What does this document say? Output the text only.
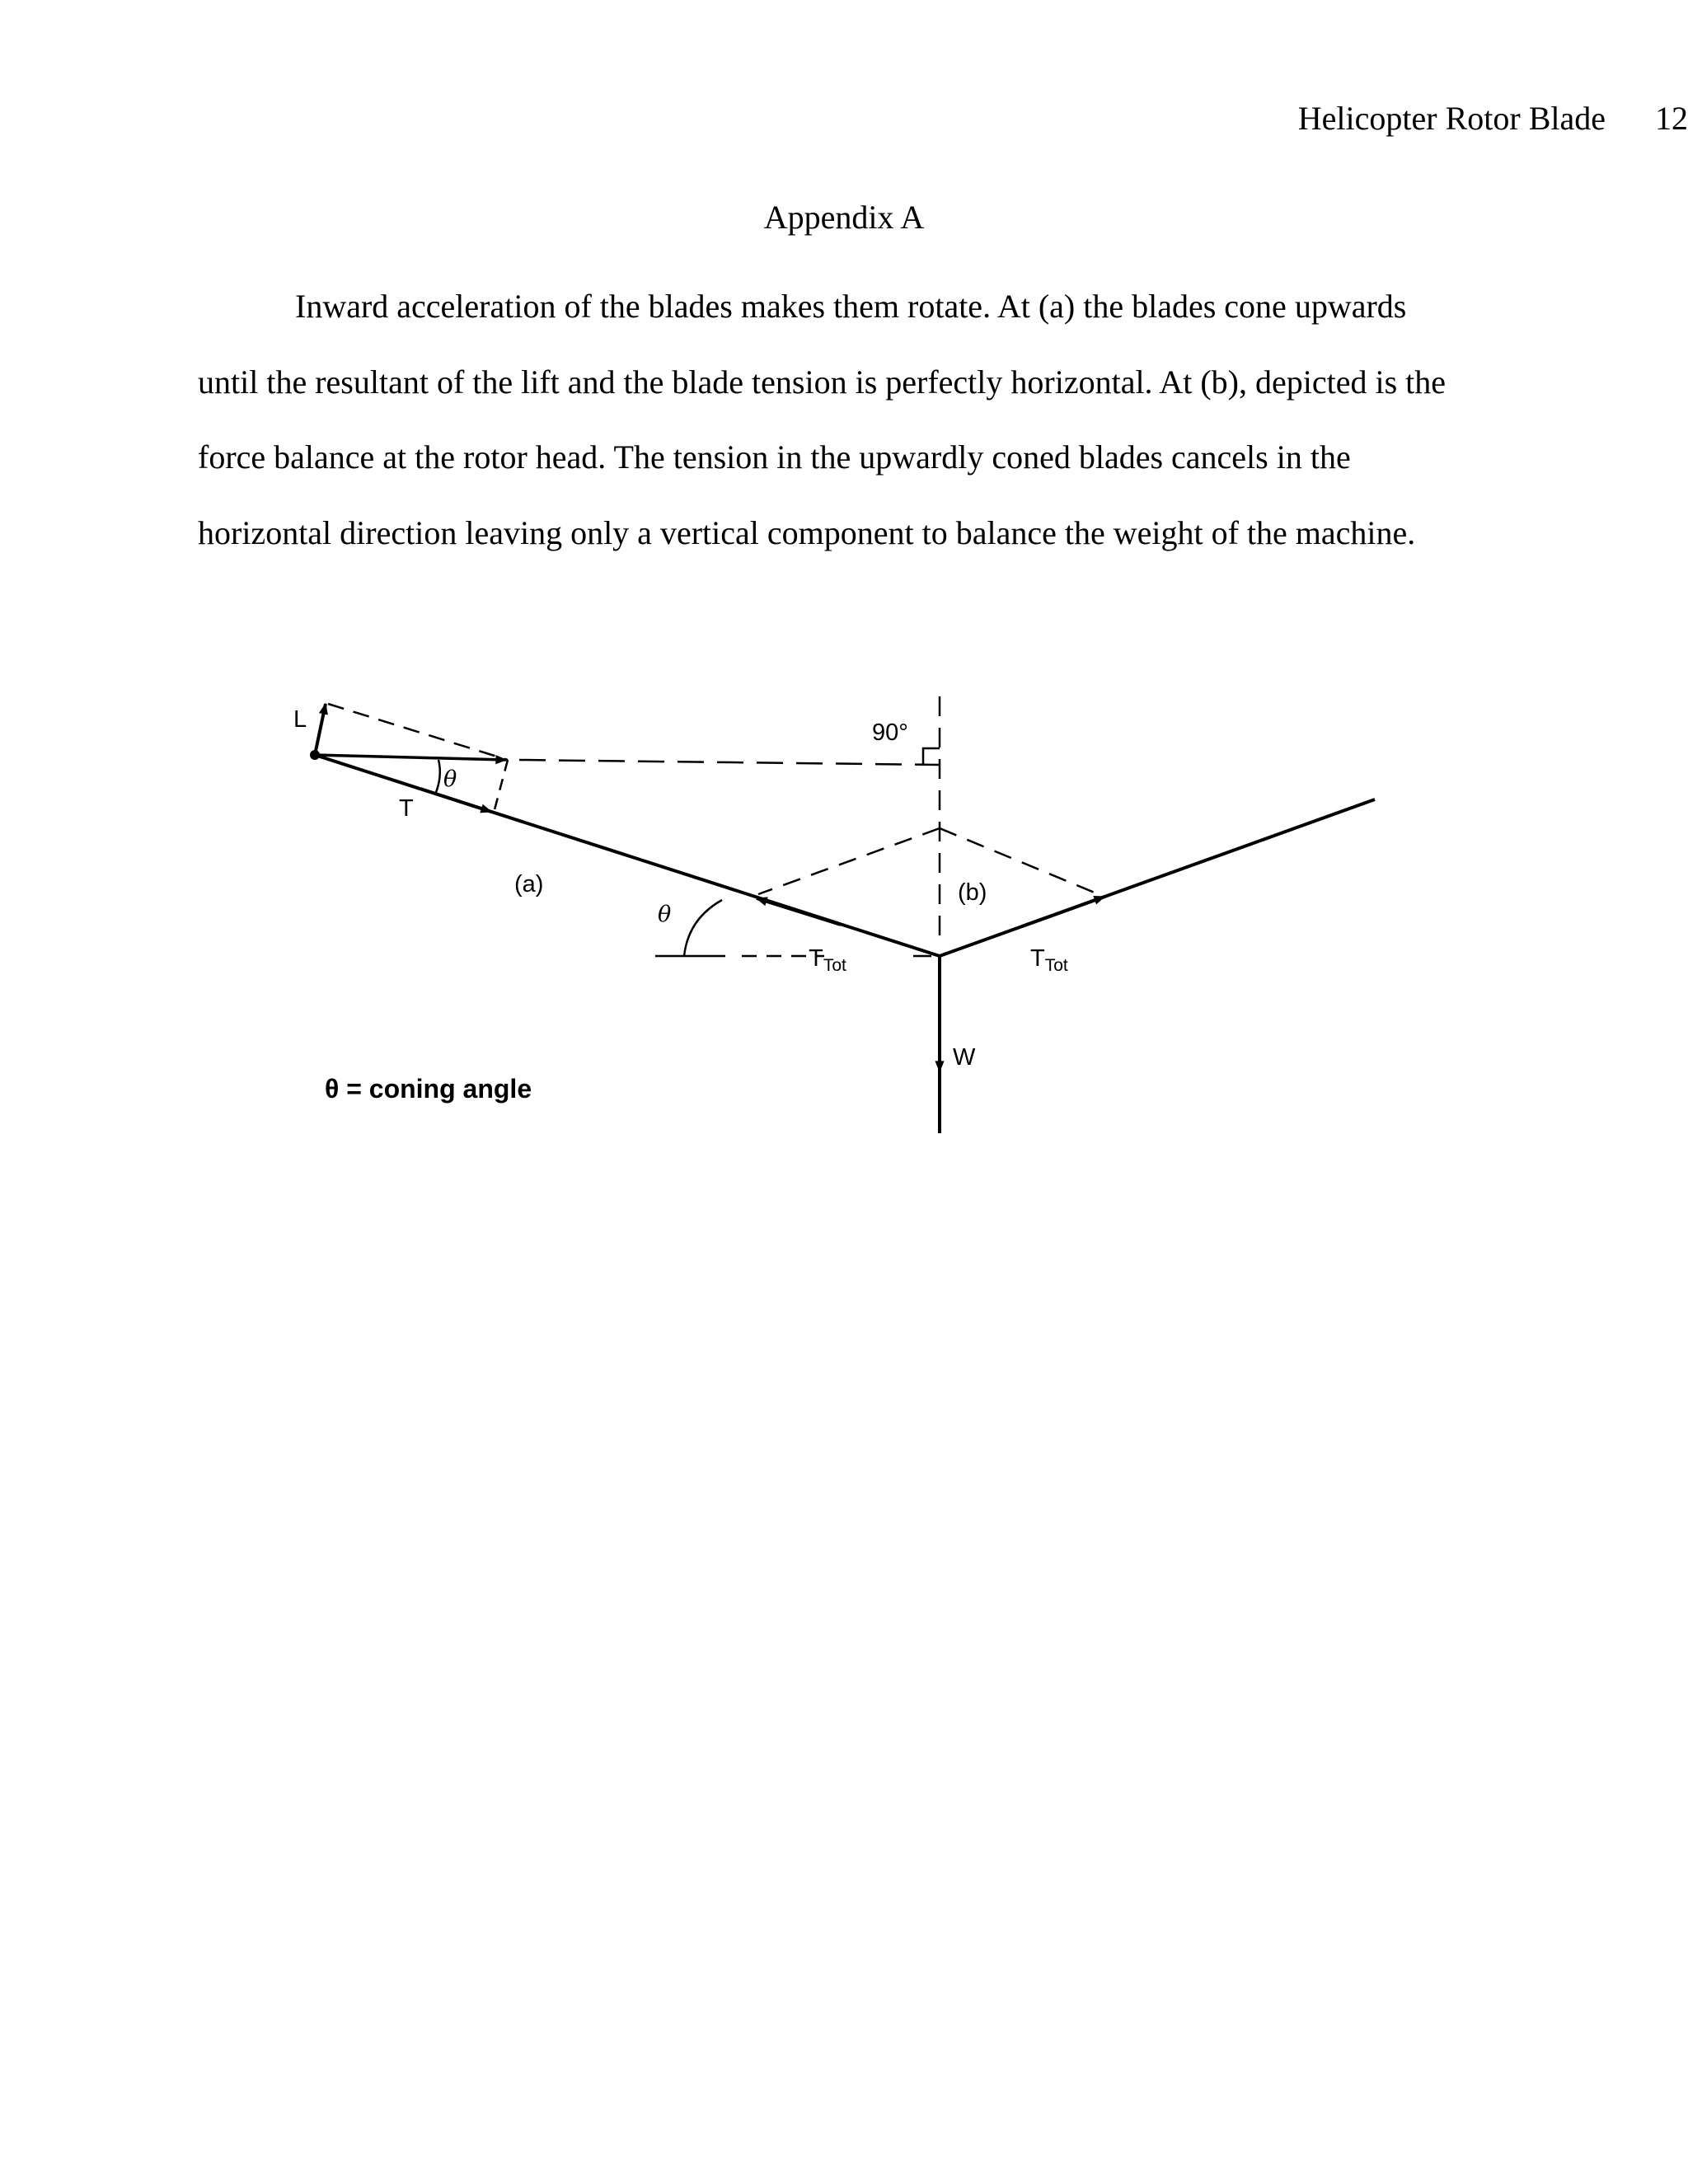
Helicopter Rotor Blade 12
Appendix A

Inward acceleration of the blades makes them rotate. At (a) the blades cone upwards until the resultant of the lift and the blade tension is perfectly horizontal. At (b), depicted is the force balance at the rotor head. The tension in the upwardly coned blades cancels in the horizontal direction leaving only a vertical component to balance the weight of the machine.

L
T
θ
90°
(a)	(b)
θ
TTot	TTot
W
θ = coning angle
